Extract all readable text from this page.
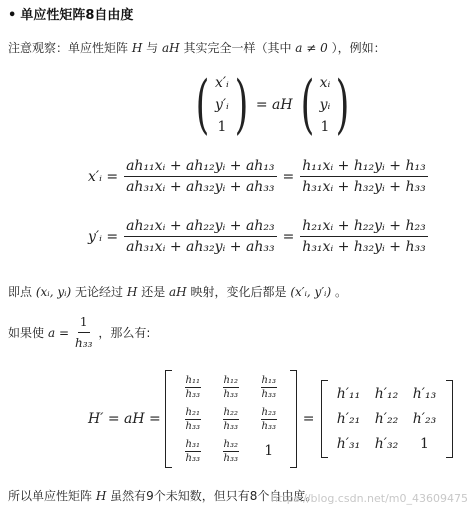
• 单应性矩阵8自由度
注意观察：单应性矩阵 H 与 aH 其实完全一样（其中 a ≠ 0 ），例如：
( x′ᵢ
y′ᵢ
1 ) = aH ( xᵢ
yᵢ
1 )
x′ᵢ = $\frac{\text{ah₁₁xᵢ + ah₁₂yᵢ + ah₁₃}}{\text{ah₃₁xᵢ + ah₃₂yᵢ + ah₃₃}} = \frac{\text{h₁₁xᵢ + h₁₂yᵢ + h₁₃}}{\text{h₃₁xᵢ + h₃₂yᵢ + h₃₃}}$
y′ᵢ = $\frac{\text{ah₂₁xᵢ + ah₂₂yᵢ + ah₂₃}}{\text{ah₃₁xᵢ + ah₃₂yᵢ + ah₃₃}} = \frac{\text{h₂₁xᵢ + h₂₂yᵢ + h₂₃}}{\text{h₃₁xᵢ + h₃₂yᵢ + h₃₃}}$
即点 (xᵢ, yᵢ) 无论经过 H 还是 aH 映射，变化后都是 (x′ᵢ, y′ᵢ) 。
如果使 $a = \frac{1}{\text{h₃₃}}$ ，那么有:
H′ = aH =
$\frac{\text{h₁₁}}{\text{h₃₃}} \frac{\text{h₁₂}}{\text{h₃₃}} \frac{\text{h₁₃}}{\text{h₃₃}}$
$\frac{\text{h₂₁}}{\text{h₃₃}} \frac{\text{h₂₂}}{\text{h₃₃}} \frac{\text{h₂₃}}{\text{h₃₃}}$
$\frac{\text{h₃₁}}{\text{h₃₃}} \frac{\text{h₃₂}}{\text{h₃₃}} 1$
=
h′₁₁ h′₁₂ h′₁₃
h′₂₁ h′₂₂ h′₂₃
h′₃₁ h′₃₂ 1
所以单应性矩阵 H 虽然有9个未知数，但只有8个自由度。
https://blog.csdn.net/m0_43609475
